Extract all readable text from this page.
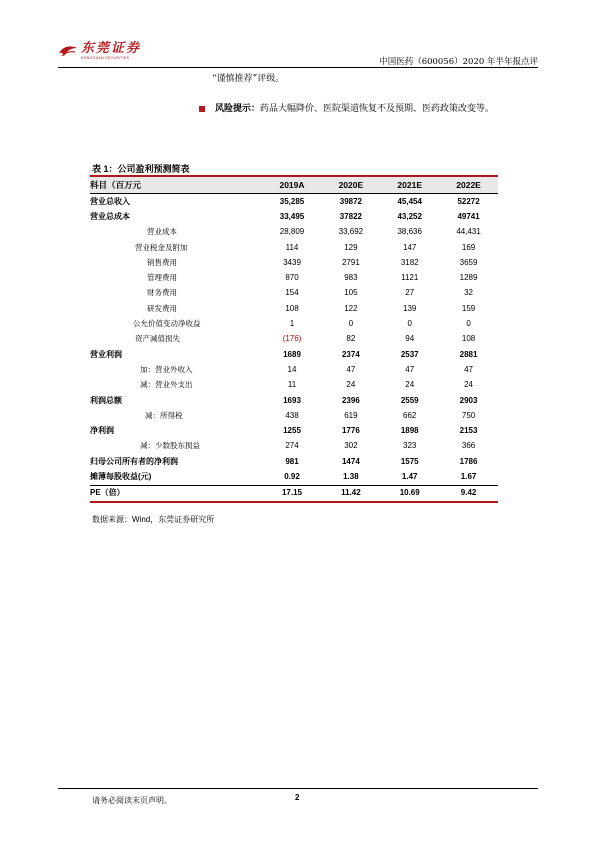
东莞证券
DONGGUAN SECURITIES	中国医药（600056）2020 年半年报点评
“谨慎推荐”评级。
风险提示：药品大幅降价、医院渠道恢复不及预期、医药政策改变等。
表 1：公司盈利预测简表
科目（百万元	2019A	2020E	2021E	2022E
营业总收入	35,285	39872	45,454	52272
营业总成本	33,495	37822	43,252	49741
营业成本	28,809	33,692	38,636	44,431
营业税金及附加	114	129	147	169
销售费用	3439	2791	3182	3659
管理费用	870	983	1121	1289
财务费用	154	105	27	32
研发费用	108	122	139	159
公允价值变动净收益	1	0	0	0
资产减值损失	(176)	82	94	108
营业利润	1689	2374	2537	2881
加：营业外收入	14	47	47	47
减：营业外支出	11	24	24	24
利润总额	1693	2396	2559	2903
减：所得税	438	619	662	750
净利润	1255	1776	1898	2153
减：少数股东损益	274	302	323	366
归母公司所有者的净利润	981	1474	1575	1786
摊薄每股收益(元)	0.92	1.38	1.47	1.67
PE（倍）	17.15	11.42	10.69	9.42
数据来源：Wind，东莞证券研究所
请务必阅读末页声明。	2
